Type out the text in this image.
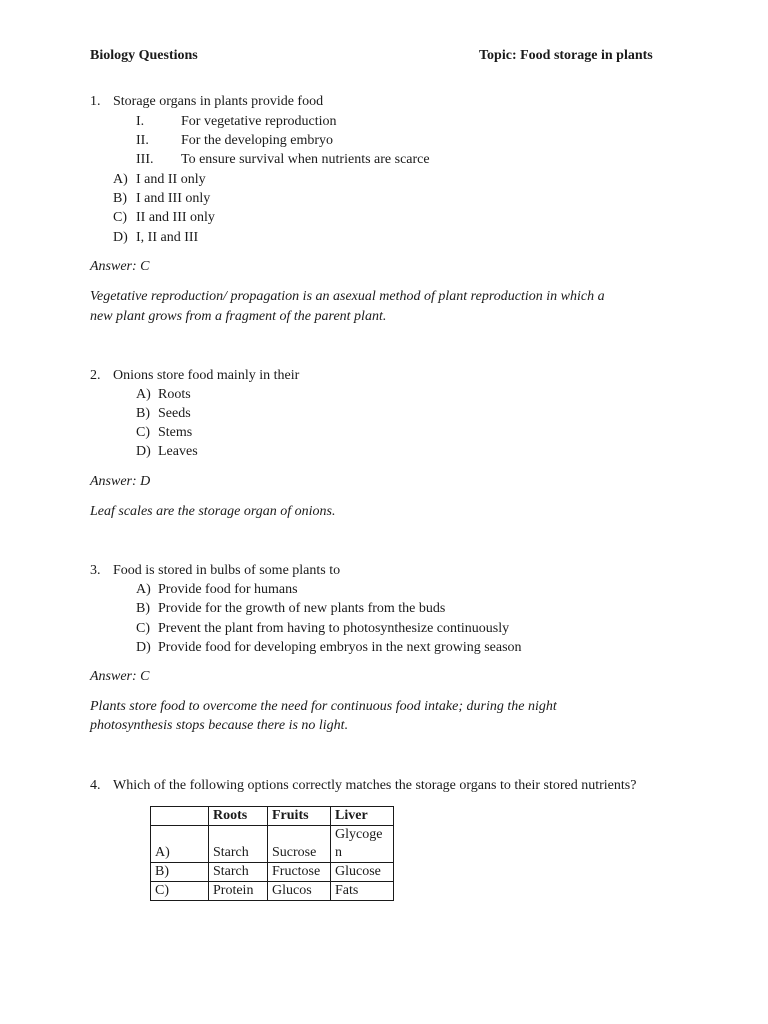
Biology Questions	Topic: Food storage in plants
1. Storage organs in plants provide food
I.	For vegetative reproduction
II. For the developing embryo
III. To ensure survival when nutrients are scarce
A) I and II only
B) I and III only
C) II and III only
D) I, II and III
Answer: C
Vegetative reproduction/ propagation is an asexual method of plant reproduction in which a
new plant grows from a fragment of the parent plant.
2. Onions store food mainly in their
A) Roots
B) Seeds
C) Stems
D) Leaves
Answer: D
Leaf scales are the storage organ of onions.
3. Food is stored in bulbs of some plants to
A) Provide food for humans
B) Provide for the growth of new plants from the buds
C) Prevent the plant from having to photosynthesize continuously
D) Provide food for developing embryos in the next growing season
Answer: C
Plants store food to overcome the need for continuous food intake; during the night
photosynthesis stops because there is no light.
4. Which of the following options correctly matches the storage organs to their stored nutrients?
	Roots	Fruits	Liver
A)	Starch	Sucrose	Glycogen
B)	Starch	Fructose	Glucose
C)	Protein	Glucos	Fats
